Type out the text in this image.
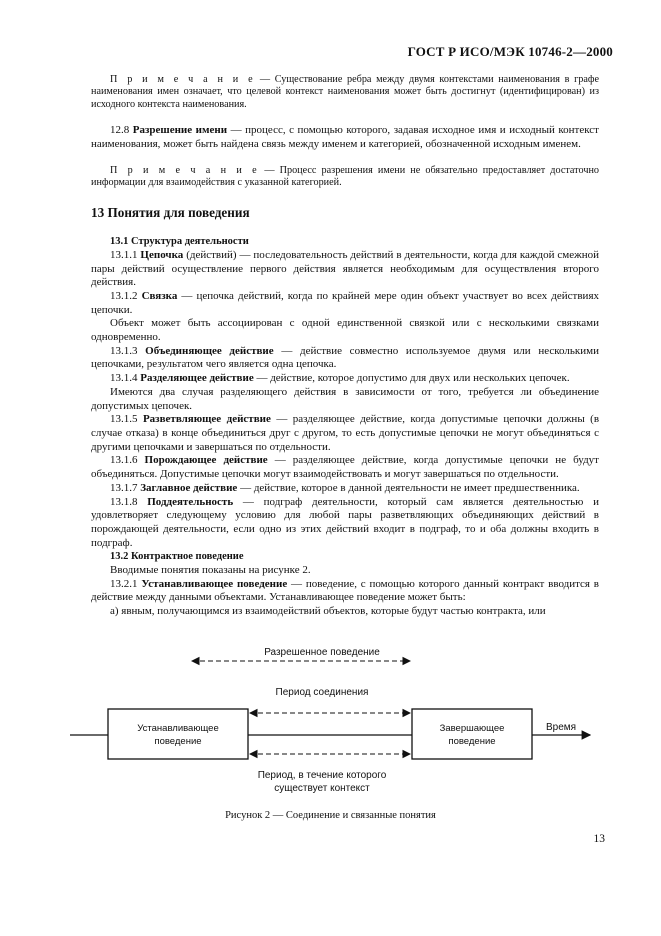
ГОСТ Р ИСО/МЭК 10746-2—2000

П р и м е ч а н и е — Существование ребра между двумя контекстами наименования в графе наименования имен означает, что целевой контекст наименования может быть достигнут (идентифицирован) из исходного контекста наименования.

12.8 Разрешение имени — процесс, с помощью которого, задавая исходное имя и исходный контекст наименования, может быть найдена связь между именем и категорией, обозначенной исходным именем.

П р и м е ч а н и е — Процесс разрешения имени не обязательно предоставляет достаточно информации для взаимодействия с указанной категорией.

13 Понятия для поведения

13.1 Структура деятельности

13.1.1 Цепочка (действий) — последовательность действий в деятельности, когда для каждой смежной пары действий осуществление первого действия является необходимым для осуществления второго действия.

13.1.2 Связка — цепочка действий, когда по крайней мере один объект участвует во всех действиях цепочки.

Объект может быть ассоциирован с одной единственной связкой или с несколькими связками одновременно.

13.1.3 Объединяющее действие — действие совместно используемое двумя или несколькими цепочками, результатом чего является одна цепочка.

13.1.4 Разделяющее действие — действие, которое допустимо для двух или нескольких цепочек.

Имеются два случая разделяющего действия в зависимости от того, требуется ли объединение допустимых цепочек.

13.1.5 Разветвляющее действие — разделяющее действие, когда допустимые цепочки должны (в случае отказа) в конце объединиться друг с другом, то есть допустимые цепочки не могут объединяться с другими цепочками и завершаться по отдельности.

13.1.6 Порождающее действие — разделяющее действие, когда допустимые цепочки не будут объединяться. Допустимые цепочки могут взаимодействовать и могут завершаться по отдельности.

13.1.7 Заглавное действие — действие, которое в данной деятельности не имеет предшественника.

13.1.8 Поддеятельность — подграф деятельности, который сам является деятельностью и удовлетворяет следующему условию для любой пары разветвляющих объединяющих действий в порождающей деятельности, если одно из этих действий входит в подграф, то и оба должны входить в подграф.

13.2 Контрактное поведение

Вводимые понятия показаны на рисунке 2.

13.2.1 Устанавливающее поведение — поведение, с помощью которого данный контракт вводится в действие между данными объектами. Устанавливающее поведение может быть:

а) явным, получающимся из взаимодействий объектов, которые будут частью контракта, или

Разрешенное поведение
Период соединения
Время
Устанавливающее
поведение
Завершающее
поведение
Период, в течение которого
существует контекст
Рисунок 2 — Соединение и связанные понятия
13
